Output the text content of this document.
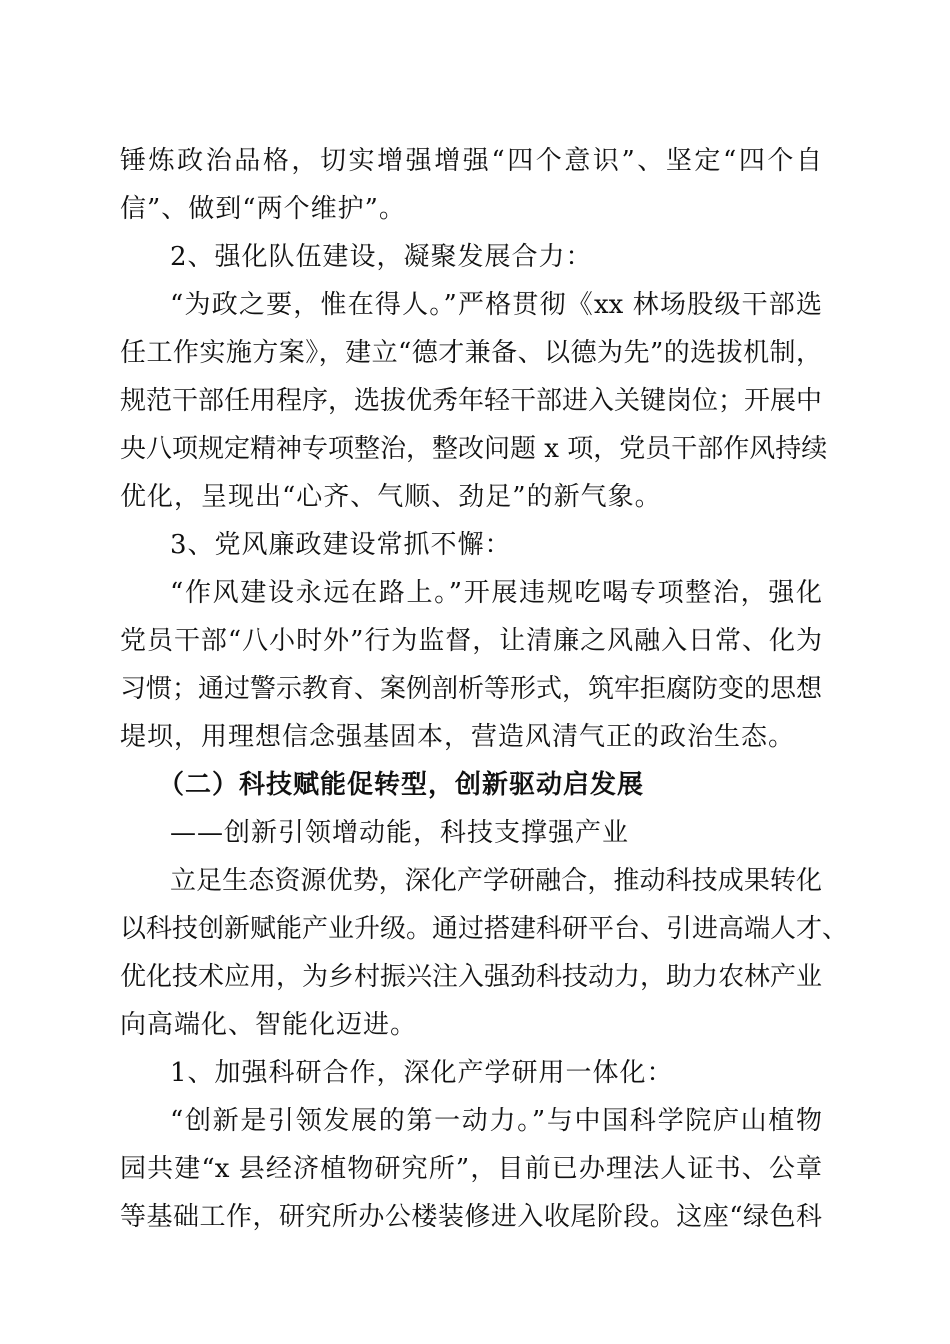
锤炼政治品格，切实增强增强“四个意识”、坚定“四个自
信”、做到“两个维护”。
2、强化队伍建设，凝聚发展合力：
“为政之要，惟在得人。”严格贯彻《xx 林场股级干部选
任工作实施方案》，建立“德才兼备、以德为先”的选拔机制，
规范干部任用程序，选拔优秀年轻干部进入关键岗位；开展中
央八项规定精神专项整治，整改问题 x 项，党员干部作风持续
优化，呈现出“心齐、气顺、劲足”的新气象。
3、党风廉政建设常抓不懈：
“作风建设永远在路上。”开展违规吃喝专项整治，强化
党员干部“八小时外”行为监督，让清廉之风融入日常、化为
习惯；通过警示教育、案例剖析等形式，筑牢拒腐防变的思想
堤坝，用理想信念强基固本，营造风清气正的政治生态。
（二）科技赋能促转型，创新驱动启发展
——创新引领增动能，科技支撑强产业
立足生态资源优势，深化产学研融合，推动科技成果转化
以科技创新赋能产业升级。通过搭建科研平台、引进高端人才、
优化技术应用，为乡村振兴注入强劲科技动力，助力农林产业
向高端化、智能化迈进。
1、加强科研合作，深化产学研用一体化：
“创新是引领发展的第一动力。”与中国科学院庐山植物
园共建“x 县经济植物研究所”，目前已办理法人证书、公章
等基础工作，研究所办公楼装修进入收尾阶段。这座“绿色科
